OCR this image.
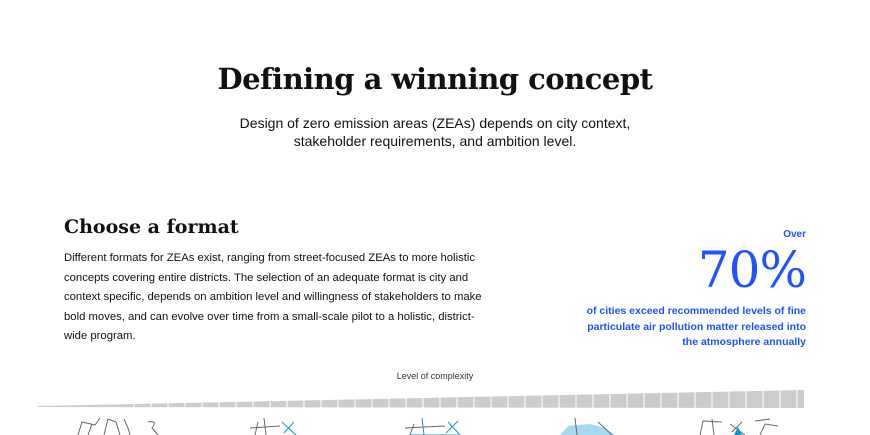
Defining a winning concept
Design of zero emission areas (ZEAs) depends on city context, stakeholder requirements, and ambition level.
Choose a format
Different formats for ZEAs exist, ranging from street-focused ZEAs to more holistic concepts covering entire districts. The selection of an adequate format is city and context specific, depends on ambition level and willingness of stakeholders to make bold moves, and can evolve over time from a small-scale pilot to a holistic, district-wide program.
Over
70%
of cities exceed recommended levels of fine particulate air pollution matter released into the atmosphere annually
Level of complexity
